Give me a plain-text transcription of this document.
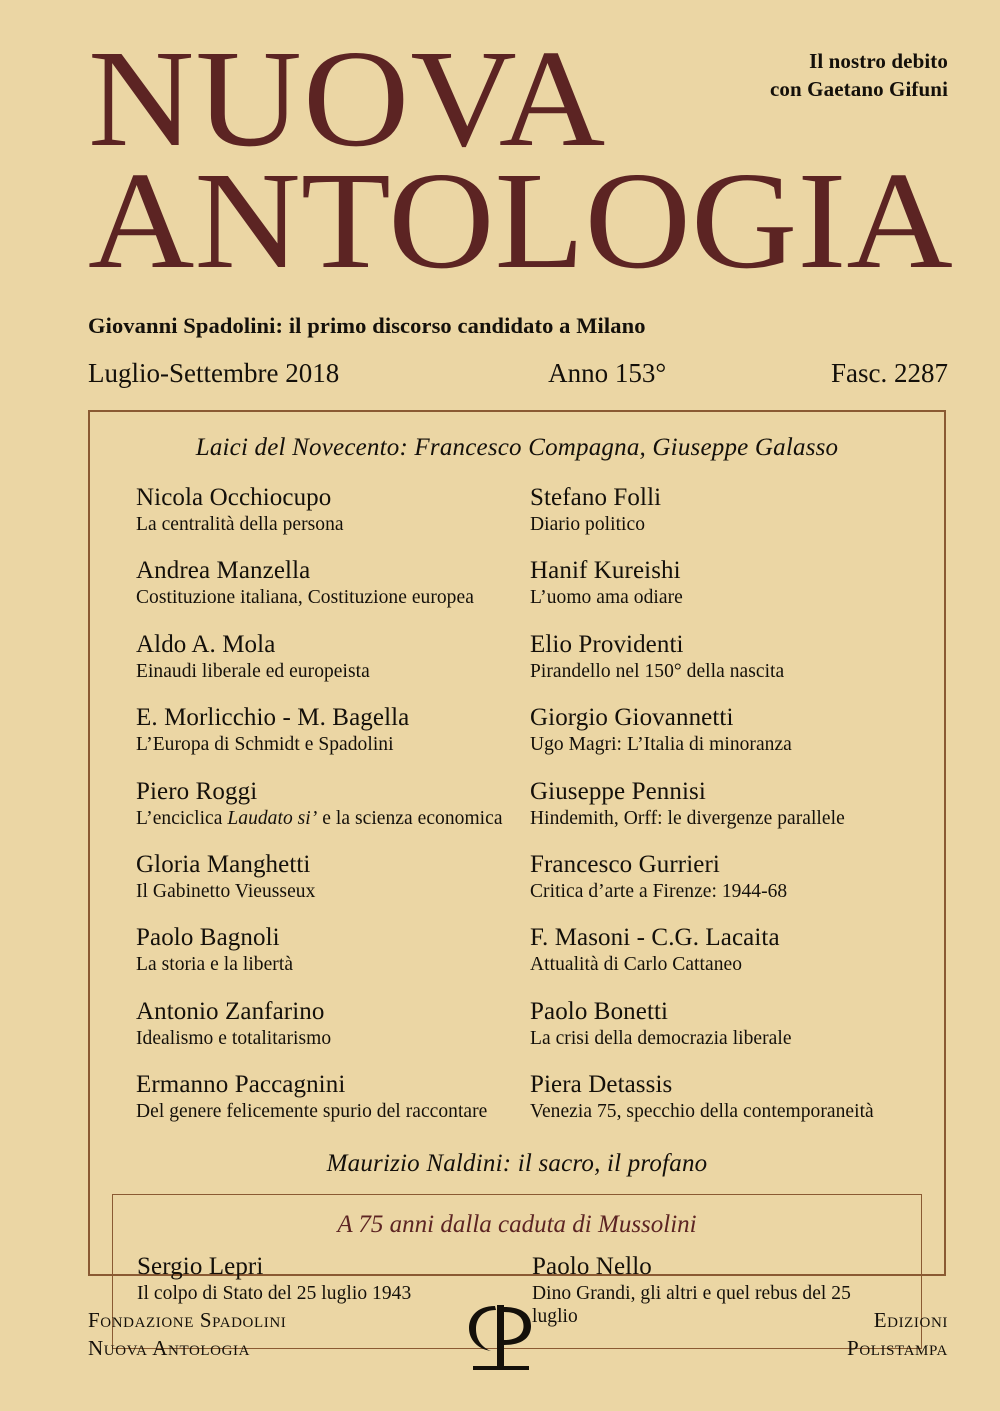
Il nostro debito
con Gaetano Gifuni
NUOVA
ANTOLOGIA
Giovanni Spadolini: il primo discorso candidato a Milano
Luglio-Settembre 2018	Anno 153°	Fasc. 2287
Laici del Novecento: Francesco Compagna, Giuseppe Galasso
Nicola Occhiocupo
La centralità della persona
Andrea Manzella
Costituzione italiana, Costituzione europea
Aldo A. Mola
Einaudi liberale ed europeista
E. Morlicchio - M. Bagella
L’Europa di Schmidt e Spadolini
Piero Roggi
L’enciclica Laudato si’ e la scienza economica
Gloria Manghetti
Il Gabinetto Vieusseux
Paolo Bagnoli
La storia e la libertà
Antonio Zanfarino
Idealismo e totalitarismo
Ermanno Paccagnini
Del genere felicemente spurio del raccontare
Stefano Folli
Diario politico
Hanif Kureishi
L’uomo ama odiare
Elio Providenti
Pirandello nel 150° della nascita
Giorgio Giovannetti
Ugo Magri: L’Italia di minoranza
Giuseppe Pennisi
Hindemith, Orff: le divergenze parallele
Francesco Gurrieri
Critica d’arte a Firenze: 1944-68
F. Masoni - C.G. Lacaita
Attualità di Carlo Cattaneo
Paolo Bonetti
La crisi della democrazia liberale
Piera Detassis
Venezia 75, specchio della contemporaneità
Maurizio Naldini: il sacro, il profano
A 75 anni dalla caduta di Mussolini
Sergio Lepri
Il colpo di Stato del 25 luglio 1943
Paolo Nello
Dino Grandi, gli altri e quel rebus del 25 luglio
Fondazione Spadolini
Nuova Antologia
Edizioni
Polistampa
